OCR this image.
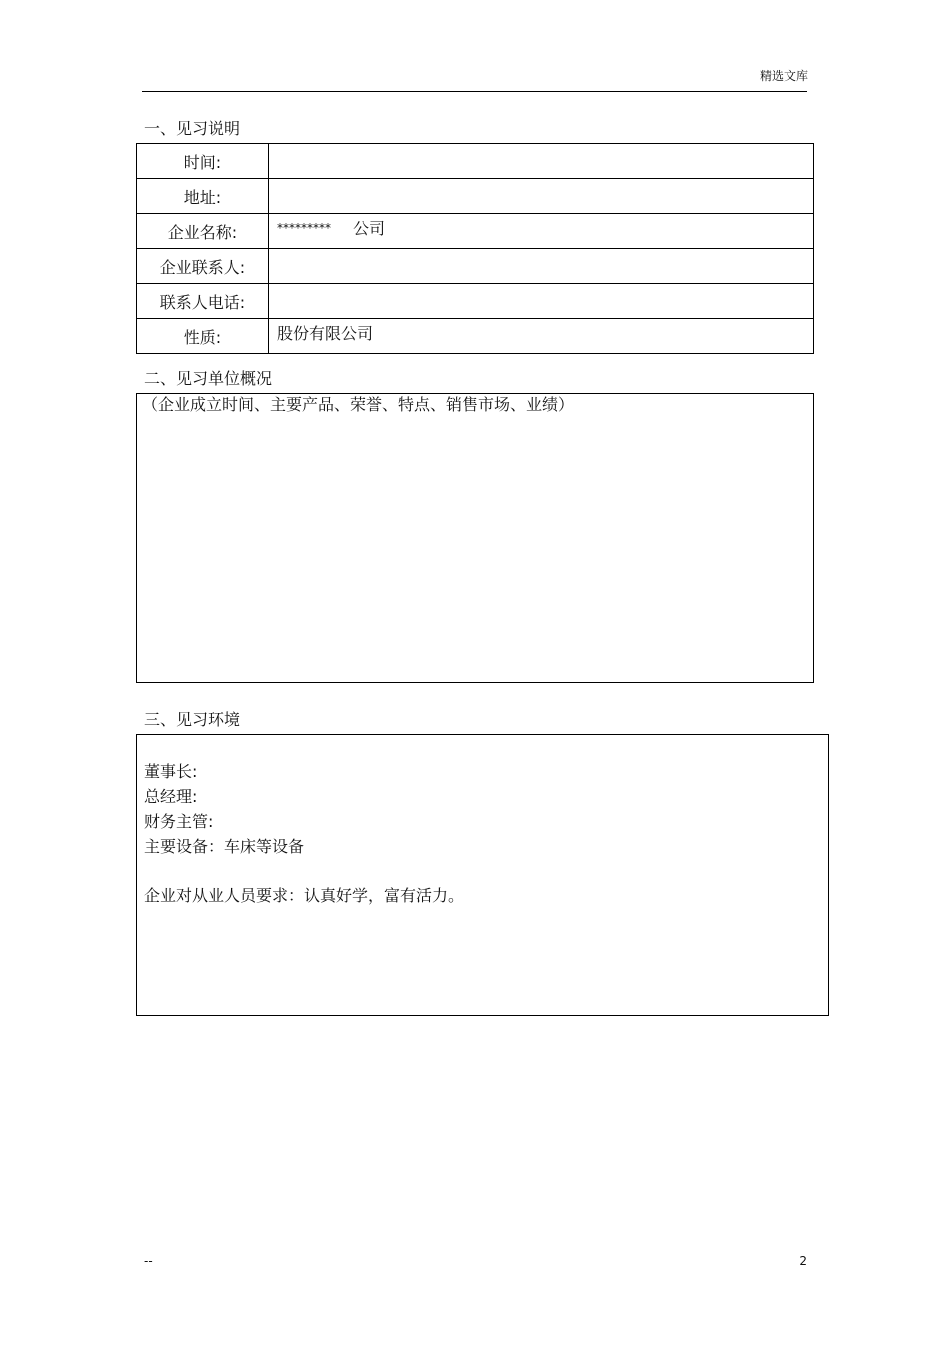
精选文库
一、见习说明
时间:	
地址:	
企业名称:	********* 公司
企业联系人:	
联系人电话:	
性质:	股份有限公司
二、见习单位概况
（企业成立时间、主要产品、荣誉、特点、销售市场、业绩）
三、见习环境
董事长:
总经理:
财务主管:
主要设备：车床等设备
企业对从业人员要求：认真好学，富有活力。
--	2
